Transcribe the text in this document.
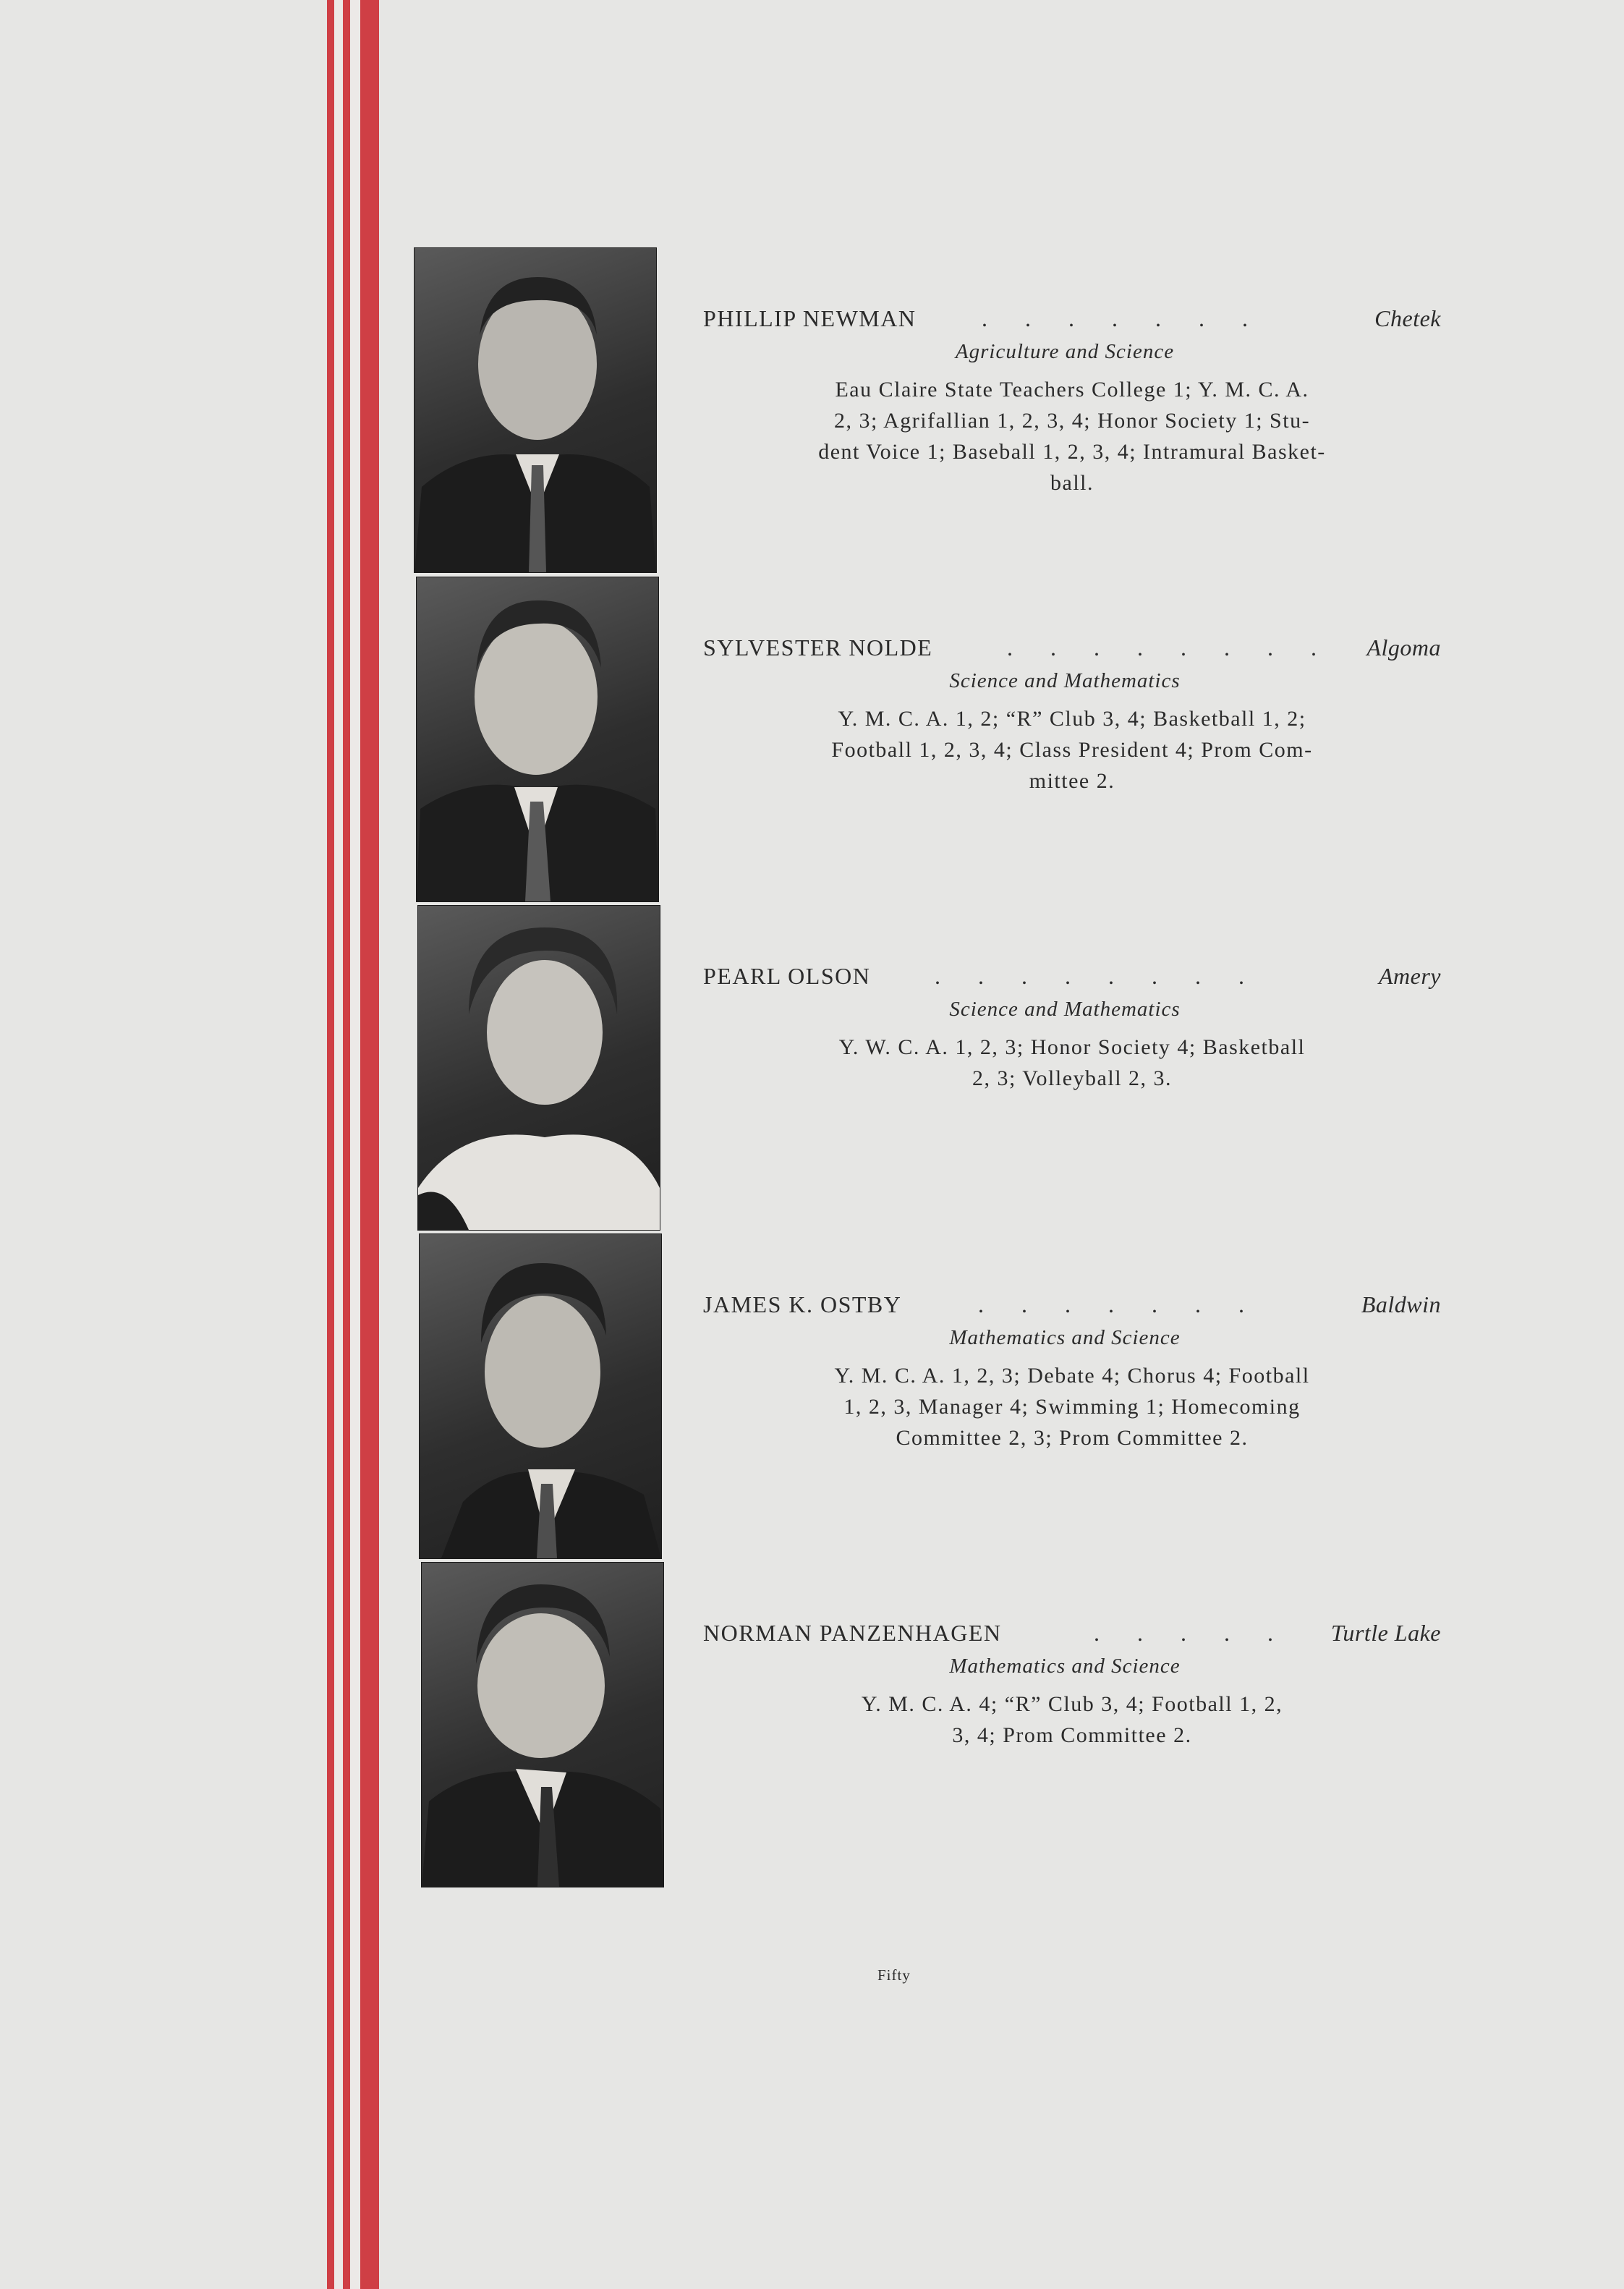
PHILLIP NEWMAN	. . . . . . .	Chetek
Agriculture and Science
Eau Claire State Teachers College 1; Y. M. C. A.
2, 3; Agrifallian 1, 2, 3, 4; Honor Society 1; Stu-
dent Voice 1; Baseball 1, 2, 3, 4; Intramural Basket-
ball.
SYLVESTER NOLDE	. . . . . . . . Algoma
Science and Mathematics
Y. M. C. A. 1, 2; “R” Club 3, 4; Basketball 1, 2;
Football 1, 2, 3, 4; Class President 4; Prom Com-
mittee 2.
PEARL OLSON	. . . . . . . .	Amery
Science and Mathematics
Y. W. C. A. 1, 2, 3; Honor Society 4; Basketball
2, 3; Volleyball 2, 3.
JAMES K. OSTBY	. . . . . . .	Baldwin
Mathematics and Science
Y. M. C. A. 1, 2, 3; Debate 4; Chorus 4; Football
1, 2, 3, Manager 4; Swimming 1; Homecoming
Committee 2, 3; Prom Committee 2.
NORMAN PANZENHAGEN	. . . . . Turtle Lake
Mathematics and Science
Y. M. C. A. 4; “R” Club 3, 4; Football 1, 2,
3, 4; Prom Committee 2.
Fifty
